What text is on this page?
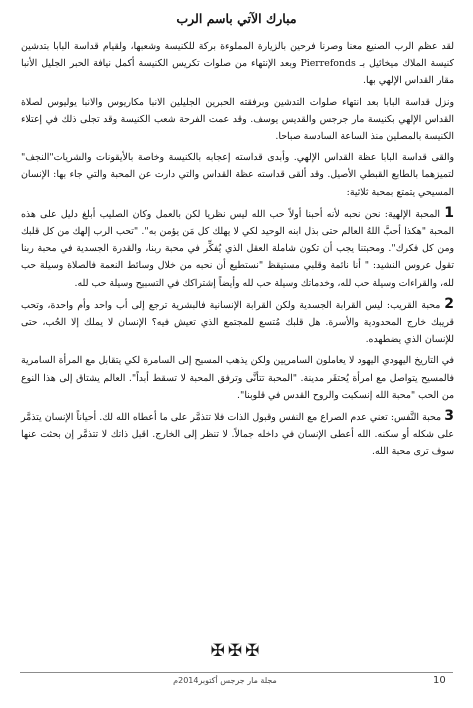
مبارك الآتي باسم الرب

لقد عظم الرب الصنيع معنا وصرنا فرحين بالزيارة المملوءة بركة للكنيسة وشعبها، ولقيام قداسة البابا بتدشين كنيسة الملاك ميخائيل بـ Pierrefonds وبعد الإنتهاء من صلوات تكريس الكنيسة أكمل نيافة الحبر الجليل الأنبا مقار القداس الإلهي بها.

ونزل قداسة البابا بعد انتهاء صلوات التدشين وبرفقته الحبرين الجليلين الانبا مكاريوس والانبا يوليوس لصلاة القداس الإلهي بكنيسة مار جرجس والقديس يوسف. وقد عمت الفرحة شعب الكنيسة وقد تجلى ذلك في إعتلاء الكنيسة بالمصلين منذ الساعة السادسة صباحا.

والقى قداسة البابا عظة القداس الإلهي. وأبدى قداسته إعجابه بالكنيسة وخاصة بالأيقونات والشريات"النجف" لتميزهما بالطابع القبطي الأصيل. وقد ألقى قداسته عظة القداس والتي دارت عن المحبة والتي جاء بها: الإنسان المسيحي يتمتع بمحبة ثلاثية:

1 المحبة الإلهية: نحن نحبه لأنه أحبنا أولاً حب الله ليس نظريا لكن بالعمل وكان الصليب أبلغ دليل على هذه المحبة "هكذا أحبَّ اللهُ العالم حتى بذل ابنه الوحيد لكي لا يهلك كل مَن يؤمن به". "تحب الرب إلهك من كل قلبك ومن كل فكرك". ومحبتنا يجب أن تكون شاملة العقل الذي يُفكِّر في محبة ربنا، والقدرة الجسدية في محبة ربنا تقول عروس النشيد: " أنا نائمة وقلبي مستيقظ "نستطيع أن نحبه من خلال وسائط النعمة فالصلاة وسيلة حب لله، والقراءات وسيلة حب لله، وخدماتك وسيلة حب لله وأيضاً إشتراكك في التسبيح وسيلة حب لله.

2 محبة القريب: ليس القرابة الجسدية ولكن القرابة الإنسانية فالبشرية ترجع إلى أب واحد وأم واحدة، وتحب قريبك خارج المحدودية والأسرة. هل قلبك مُتسع للمجتمع الذي تعيش فيه؟ الإنسان لا يملك إلا الحُب، حتى للإنسان الذي يضطهده.

في التاريخ اليهودي اليهود لا يعاملون السامريين ولكن يذهب المسيح إلى السامرة لكي يتقابل مع المرأة السامرية فالمسيح يتواصل مع امرأة يُحتقَر مدينة. "المحبة تتأنَّى وترفق المحبة لا تسقط أبداً". العالم يشتاق إلى هذا النوع من الحب "محبة الله إنسكبت والروح القدس في قلوبنا".

3 محبة النَّفس: تعني عدم الصراع مع النفس وقبول الذات فلا تتذمَّر على ما أعطاه الله لك. أحياناً الإنسان يتذمَّر على شكله أو سكنه. الله أعطى الإنسان في داخله جمالاً. لا تنظر إلى الخارج. اقبل ذاتك لا تتذمَّر إن بحثت عنها سوف ترى محبة الله.

✠✠✠
مجلة مار جرجس أكتوبر2014م	10
